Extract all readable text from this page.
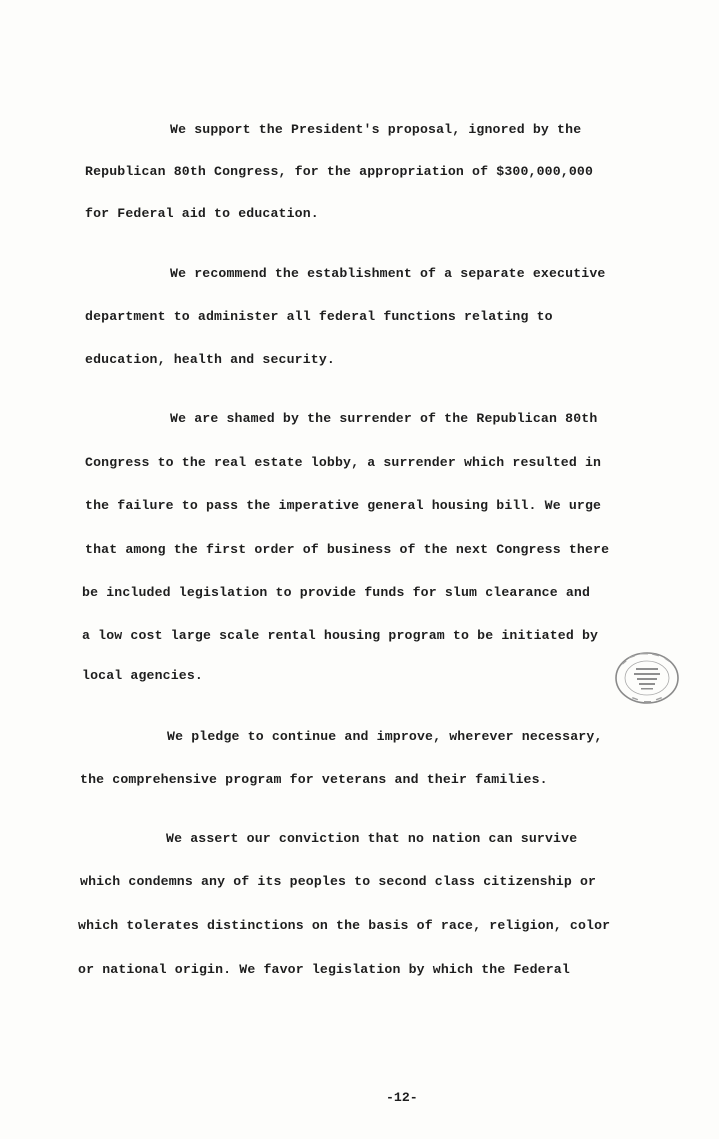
We support the President's proposal, ignored by the
Republican 80th Congress, for the appropriation of $300,000,000
for Federal aid to education.
We recommend the establishment of a separate executive
department to administer all federal functions relating to
education, health and security.
We are shamed by the surrender of the Republican 80th
Congress to the real estate lobby, a surrender which resulted in
the failure to pass the imperative general housing bill. We urge
that among the first order of business of the next Congress there
be included legislation to provide funds for slum clearance and
a low cost large scale rental housing program to be initiated by
local agencies.
We pledge to continue and improve, wherever necessary,
the comprehensive program for veterans and their families.
We assert our conviction that no nation can survive
which condemns any of its peoples to second class citizenship or
which tolerates distinctions on the basis of race, religion, color
or national origin. We favor legislation by which the Federal
-12-
